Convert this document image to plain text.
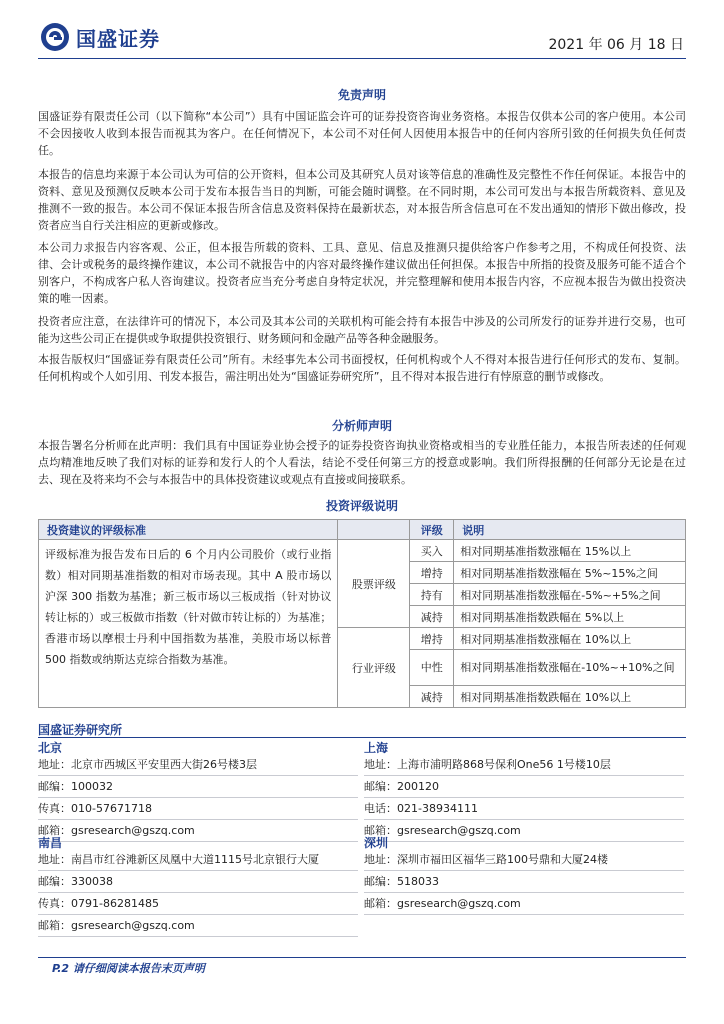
国盛证券	2021 年 06 月 18 日
免责声明
国盛证券有限责任公司（以下简称“本公司”）具有中国证监会许可的证券投资咨询业务资格。本报告仅供本公司的客户使用。本公司不会因接收人收到本报告而视其为客户。在任何情况下，本公司不对任何人因使用本报告中的任何内容所引致的任何损失负任何责任。
本报告的信息均来源于本公司认为可信的公开资料，但本公司及其研究人员对该等信息的准确性及完整性不作任何保证。本报告中的资料、意见及预测仅反映本公司于发布本报告当日的判断，可能会随时调整。在不同时期，本公司可发出与本报告所载资料、意见及推测不一致的报告。本公司不保证本报告所含信息及资料保持在最新状态，对本报告所含信息可在不发出通知的情形下做出修改，投资者应当自行关注相应的更新或修改。
本公司力求报告内容客观、公正，但本报告所载的资料、工具、意见、信息及推测只提供给客户作参考之用，不构成任何投资、法律、会计或税务的最终操作建议，本公司不就报告中的内容对最终操作建议做出任何担保。本报告中所指的投资及服务可能不适合个别客户，不构成客户私人咨询建议。投资者应当充分考虑自身特定状况，并完整理解和使用本报告内容，不应视本报告为做出投资决策的唯一因素。
投资者应注意，在法律许可的情况下，本公司及其本公司的关联机构可能会持有本报告中涉及的公司所发行的证券并进行交易，也可能为这些公司正在提供或争取提供投资银行、财务顾问和金融产品等各种金融服务。
本报告版权归“国盛证券有限责任公司”所有。未经事先本公司书面授权，任何机构或个人不得对本报告进行任何形式的发布、复制。任何机构或个人如引用、刊发本报告，需注明出处为“国盛证券研究所”，且不得对本报告进行有悖原意的删节或修改。
分析师声明
本报告署名分析师在此声明：我们具有中国证券业协会授予的证券投资咨询执业资格或相当的专业胜任能力，本报告所表述的任何观点均精准地反映了我们对标的证券和发行人的个人看法，结论不受任何第三方的授意或影响。我们所得报酬的任何部分无论是在过去、现在及将来均不会与本报告中的具体投资建议或观点有直接或间接联系。
投资评级说明
投资建议的评级标准		评级	说明
评级标准为报告发布日后的 6 个月内公司股价（或行业指数）相对同期基准指数的相对市场表现。其中 A 股市场以沪深 300 指数为基准；新三板市场以三板成指（针对协议转让标的）或三板做市指数（针对做市转让标的）为基准；香港市场以摩根士丹利中国指数为基准，美股市场以标普 500 指数或纳斯达克综合指数为基准。	股票评级	买入	相对同期基准指数涨幅在 15%以上
		增持	相对同期基准指数涨幅在 5%~15%之间
		持有	相对同期基准指数涨幅在-5%~+5%之间
		减持	相对同期基准指数跌幅在 5%以上
	行业评级	增持	相对同期基准指数涨幅在 10%以上
		中性	相对同期基准指数涨幅在-10%~+10%之间
		减持	相对同期基准指数跌幅在 10%以上
国盛证券研究所
北京	上海
地址：北京市西城区平安里西大街26号楼3层
邮编：100032
传真：010-57671718
邮箱：gsresearch@gszq.com
地址：上海市浦明路868号保利One56 1号楼10层
邮编：200120
电话：021-38934111
邮箱：gsresearch@gszq.com
南昌	深圳
地址：南昌市红谷滩新区凤凰中大道1115号北京银行大厦
邮编：330038
传真：0791-86281485
邮箱：gsresearch@gszq.com
地址：深圳市福田区福华三路100号鼎和大厦24楼
邮编：518033
邮箱：gsresearch@gszq.com
P.2 请仔细阅读本报告末页声明
